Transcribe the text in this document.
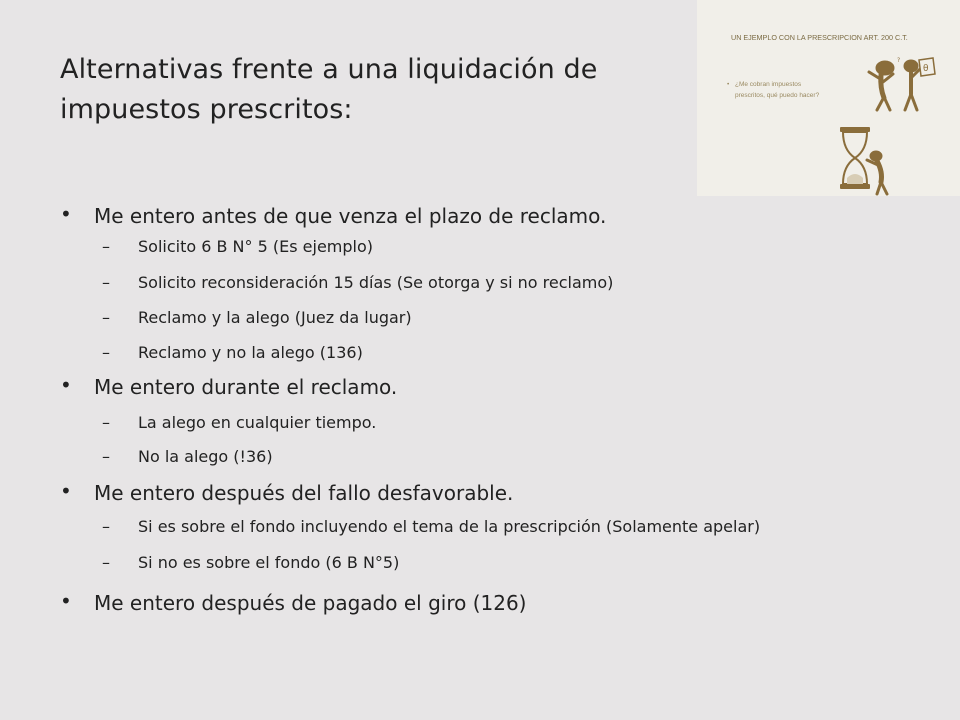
Alternativas frente a una liquidación de
impuestos prescritos:
UN EJEMPLO CON LA PRESCRIPCION ART. 200 C.T.
• ¿Me cobran impuestos
prescritos, qué puedo hacer?
θ
?
• Me entero antes de que venza el plazo de reclamo.
– Solicito 6 B N° 5 (Es ejemplo)
– Solicito reconsideración 15 días (Se otorga y si no reclamo)
– Reclamo y la alego (Juez da lugar)
– Reclamo y no la alego (136)
• Me entero durante el reclamo.
– La alego en cualquier tiempo.
– No la alego (!36)
• Me entero después del fallo desfavorable.
– Si es sobre el fondo incluyendo el tema de la prescripción (Solamente apelar)
– Si no es sobre el fondo (6 B N°5)
• Me entero después de pagado el giro (126)
